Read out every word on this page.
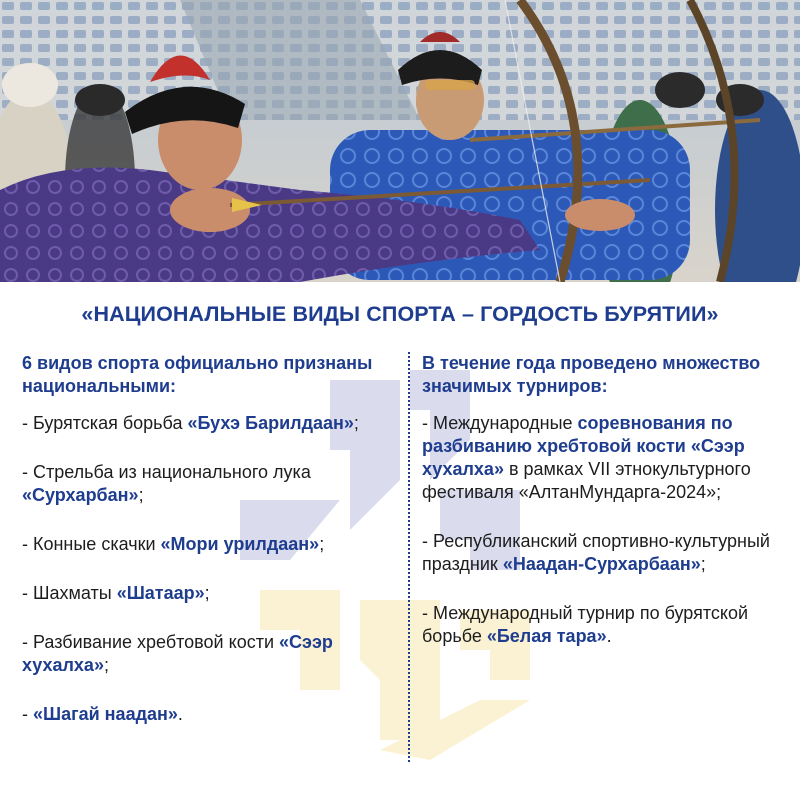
«НАЦИОНАЛЬНЫЕ ВИДЫ СПОРТА – ГОРДОСТЬ БУРЯТИИ»
6 видов спорта официально признаны национальными:
- Бурятская борьба «Бухэ Барилдаан»;
- Стрельба из национального лука «Сурхарбан»;
- Конные скачки «Мори урилдаан»;
- Шахматы «Шатаар»;
- Разбивание хребтовой кости «Сээр хухалха»;
- «Шагай наадан».
В течение года проведено множество значимых турниров:
- Международные соревнования по разбиванию хребтовой кости «Сээр хухалха» в рамках VII этнокультурного фестиваля «АлтанМундарга-2024»;
- Республиканский спортивно-культурный праздник «Наадан-Сурхарбаан»;
- Международный турнир по бурятской борьбе «Белая тара».
